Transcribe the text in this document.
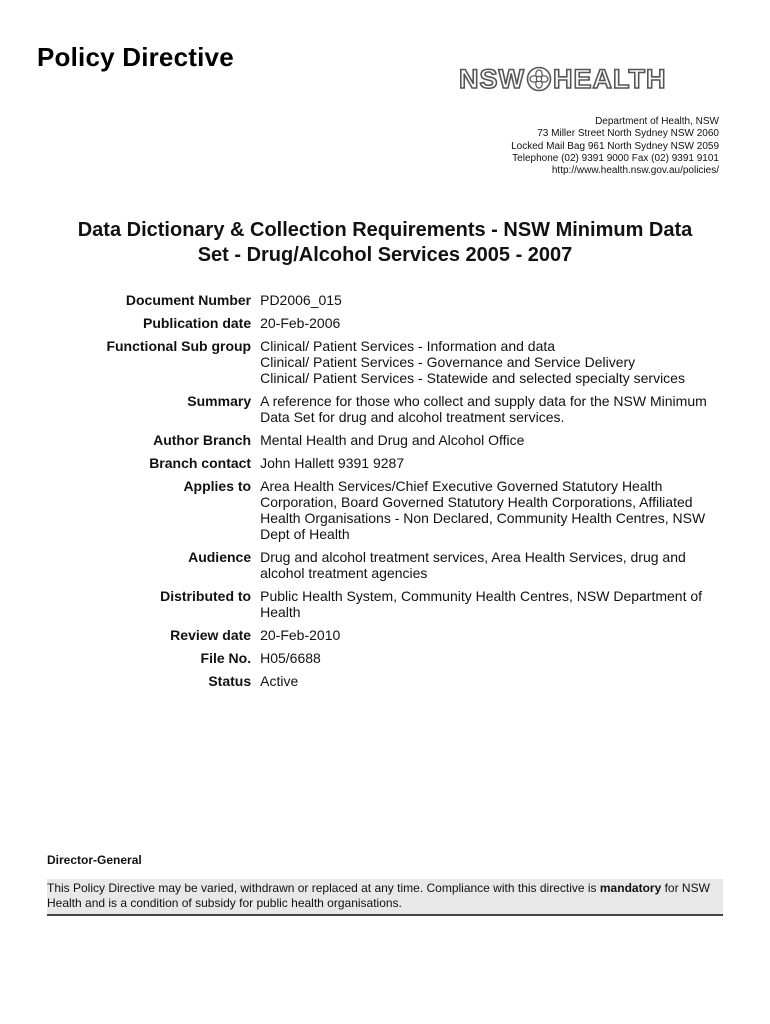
Policy Directive
NSW HEALTH
Department of Health, NSW
73 Miller Street North Sydney NSW 2060
Locked Mail Bag 961 North Sydney NSW 2059
Telephone (02) 9391 9000 Fax (02) 9391 9101
http://www.health.nsw.gov.au/policies/
Data Dictionary & Collection Requirements - NSW Minimum Data
Set - Drug/Alcohol Services 2005 - 2007
Document Number	PD2006_015

Publication date	20-Feb-2006

Functional Sub group	Clinical/ Patient Services - Information and data
Clinical/ Patient Services - Governance and Service Delivery
Clinical/ Patient Services - Statewide and selected specialty services

Summary	A reference for those who collect and supply data for the NSW Minimum
Data Set for drug and alcohol treatment services.

Author Branch	Mental Health and Drug and Alcohol Office

Branch contact	John Hallett 9391 9287

Applies to	Area Health Services/Chief Executive Governed Statutory Health
Corporation, Board Governed Statutory Health Corporations, Affiliated
Health Organisations - Non Declared, Community Health Centres, NSW
Dept of Health

Audience	Drug and alcohol treatment services, Area Health Services, drug and
alcohol treatment agencies

Distributed to	Public Health System, Community Health Centres, NSW Department of
Health

Review date	20-Feb-2010

File No.	H05/6688

Status	Active
Director-General
This Policy Directive may be varied, withdrawn or replaced at any time. Compliance with this directive is mandatory for NSW Health and is a condition of subsidy for public health organisations.
